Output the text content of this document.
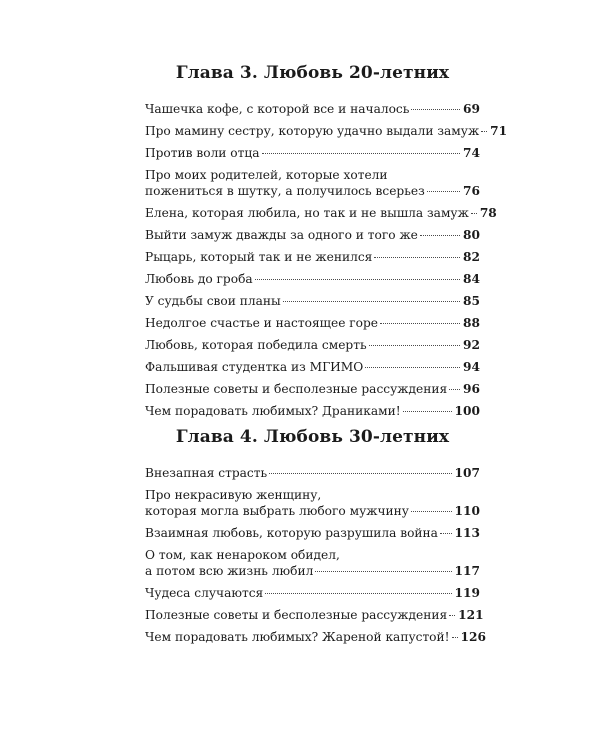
Глава 3. Любовь 20-летних
Чашечка кофе, с которой все и началось	69
Про мамину сестру, которую удачно выдали замуж 71
Против воли отца	74
Про моих родителей, которые хотели
пожениться в шутку, а получилось всерьез	76
Елена, которая любила, но так и не вышла замуж 78
Выйти замуж дважды за одного и того же	80
Рыцарь, который так и не женился	82
Любовь до гроба	84
У судьбы свои планы	85
Недолгое счастье и настоящее горе	88
Любовь, которая победила смерть	92
Фальшивая студентка из МГИМО	94
Полезные советы и бесполезные рассуждения 96
Чем порадовать любимых? Драниками!	100
Глава 4. Любовь 30-летних
Внезапная страсть	107
Про некрасивую женщину,
которая могла выбрать любого мужчину	110
Взаимная любовь, которую разрушила война 113
О том, как ненароком обидел,
а потом всю жизнь любил	117
Чудеса случаются	119
Полезные советы и бесполезные рассуждения 121
Чем порадовать любимых? Жареной капустой! 126
